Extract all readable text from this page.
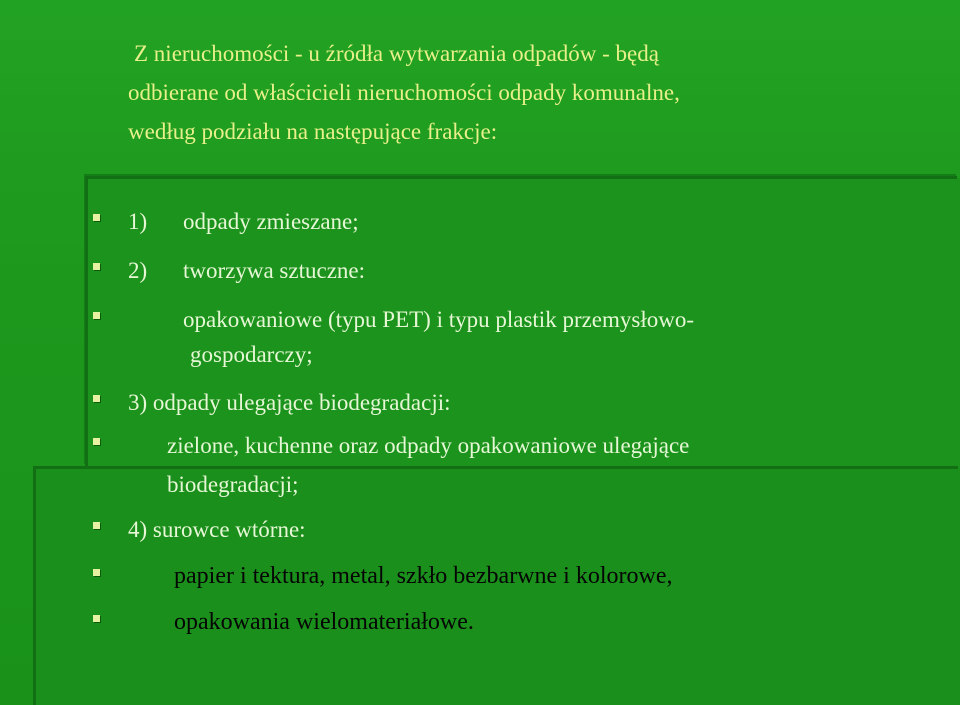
Z nieruchomości - u źródła wytwarzania odpadów - będą
odbierane od właścicieli nieruchomości odpady komunalne,
według podziału na następujące frakcje:
1) odpady zmieszane;
2) tworzywa sztuczne:
opakowaniowe (typu PET) i typu plastik przemysłowo-
gospodarczy;
3) odpady ulegające biodegradacji:
zielone, kuchenne oraz odpady opakowaniowe ulegające
biodegradacji;
4) surowce wtórne:
papier i tektura, metal, szkło bezbarwne i kolorowe,
opakowania wielomateriałowe.
